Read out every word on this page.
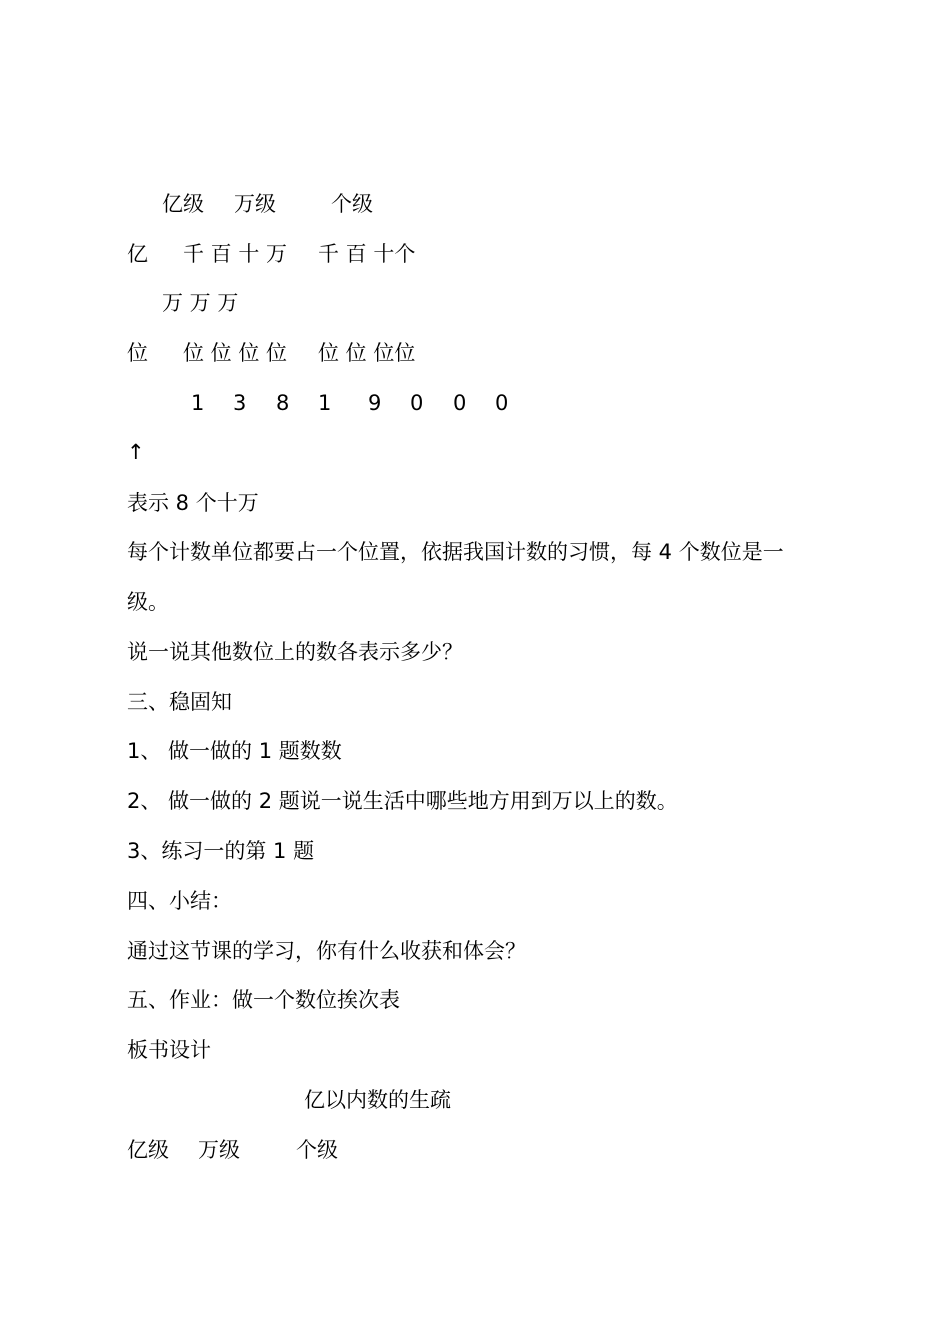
亿级 万级	个级
亿 千 百 十 万 千 百 十个
万 万 万
位 位 位 位 位 位 位 位位
1 3 8 1 9 0 0 0
↑
表示 8 个十万
每个计数单位都要占一个位置，依据我国计数的习惯，每 4 个数位是一
级。
说一说其他数位上的数各表示多少？
三、稳固知
1、 做一做的 1 题数数
2、 做一做的 2 题说一说生活中哪些地方用到万以上的数。
3、练习一的第 1 题
四、小结：
通过这节课的学习，你有什么收获和体会？
五、作业：做一个数位挨次表
板书设计
亿以内数的生疏
亿级 万级	个级
